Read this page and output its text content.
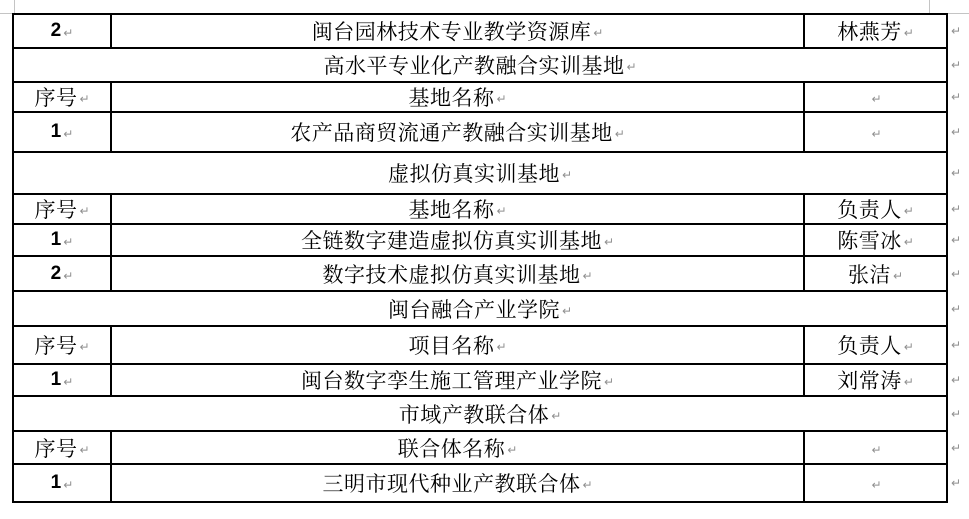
2 ↵	闽台园林技术专业教学资源库 ↵	林燕芳 ↵	↵
高水平专业化产教融合实训基地 ↵	↵
序号 ↵	基地名称 ↵	↵	↵
1 ↵	农产品商贸流通产教融合实训基地 ↵	↵	↵
虚拟仿真实训基地 ↵	↵
序号 ↵	基地名称 ↵	负责人 ↵	↵
1 ↵	全链数字建造虚拟仿真实训基地 ↵	陈雪冰 ↵	↵
2 ↵	数字技术虚拟仿真实训基地 ↵	张洁 ↵	↵
闽台融合产业学院 ↵	↵
序号 ↵	项目名称 ↵	负责人 ↵	↵
1 ↵	闽台数字孪生施工管理产业学院 ↵	刘常涛 ↵	↵
市域产教联合体 ↵	↵
序号 ↵	联合体名称 ↵	↵	↵
1 ↵	三明市现代种业产教联合体 ↵	↵	↵
